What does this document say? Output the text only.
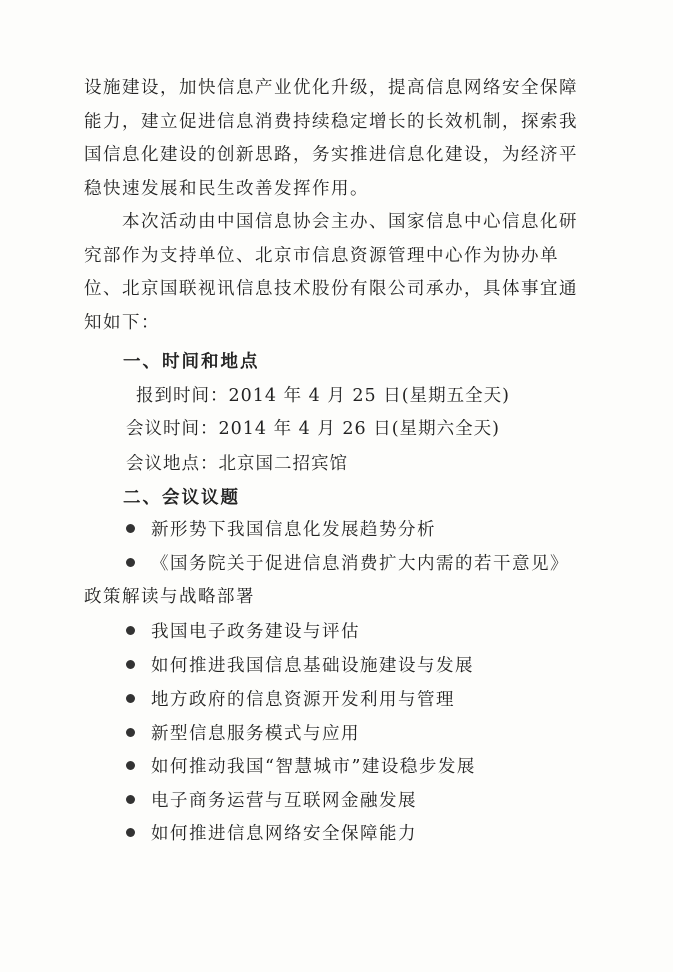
设施建设，加快信息产业优化升级，提高信息网络安全保障
能力，建立促进信息消费持续稳定增长的长效机制，探索我
国信息化建设的创新思路，务实推进信息化建设，为经济平
稳快速发展和民生改善发挥作用。
本次活动由中国信息协会主办、国家信息中心信息化研
究部作为支持单位、北京市信息资源管理中心作为协办单
位、北京国联视讯信息技术股份有限公司承办，具体事宜通
知如下：

一、时间和地点

报到时间：2014 年 4 月 25 日(星期五全天)

会议时间：2014 年 4 月 26 日(星期六全天)

会议地点：北京国二招宾馆

二、会议议题

新形势下我国信息化发展趋势分析
《国务院关于促进信息消费扩大内需的若干意见》
政策解读与战略部署
我国电子政务建设与评估
如何推进我国信息基础设施建设与发展
地方政府的信息资源开发利用与管理
新型信息服务模式与应用
如何推动我国“智慧城市”建设稳步发展
电子商务运营与互联网金融发展
如何推进信息网络安全保障能力
